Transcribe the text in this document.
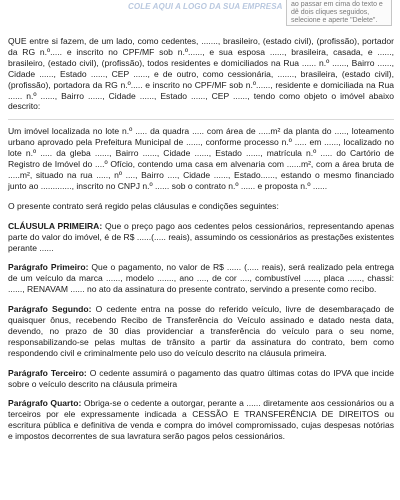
COLE AQUI A LOGO DA SUA EMPRESA	ao passar em cima do texto e dê dois cliques seguidos, selecione e aperte "Delete".

QUE entre si fazem, de um lado, como cedentes, ......., brasileiro, (estado civil), (profissão), portador da RG n.º..... e inscrito no CPF/MF sob n.º......, e sua esposa ......, brasileira, casada, e ......, brasileiro, (estado civil), (profissão), todos residentes e domiciliados na Rua ...... n.º ......, Bairro ......, Cidade ......, Estado ......, CEP ......, e de outro, como cessionária, ......., brasileira, (estado civil), (profissão), portadora da RG n.º..... e inscrito no CPF/MF sob n.º......, residente e domiciliada na Rua ...... n.º ......, Bairro ......, Cidade ......, Estado ......, CEP ......, tendo como objeto o imóvel abaixo descrito:

Um imóvel localizada no lote n.º ..... da quadra ..... com área de .....m² da planta do ....., loteamento urbano aprovado pela Prefeitura Municipal de ......, conforme processo n.º ..... em ......, localizado no lote n.º ..... da gleba ......, Bairro ......, Cidade ......, Estado ......, matrícula n.º ..... do Cartório de Registro de Imóvel do ....º Ofício, contendo uma casa em alvenaria com ......m², com a área bruta de .....m², situado na rua ....., nº ...., Bairro ...., Cidade ......, Estado......, estando o mesmo financiado junto ao ............., inscrito no CNPJ n.º ...... sob o contrato n.º ...... e proposta n.º ......

O presente contrato será regido pelas cláusulas e condições seguintes:

CLÁUSULA PRIMEIRA: Que o preço pago aos cedentes pelos cessionários, representando apenas parte do valor do imóvel, é de R$ ......(..... reais), assumindo os cessionários as prestações existentes perante ......

Parágrafo Primeiro: Que o pagamento, no valor de R$ ...... (..... reais), será realizado pela entrega de um veículo da marca ......, modelo ......., ano ...., de cor ...., combustível ......, placa ......, chassi: ......, RENAVAM ...... no ato da assinatura do presente contrato, servindo a presente como recibo.

Parágrafo Segundo: O cedente entra na posse do referido veículo, livre de desembaraçado de quaisquer ônus, recebendo Recibo de Transferência do Veículo assinado e datado nesta data, devendo, no prazo de 30 dias providenciar a transferência do veículo para o seu nome, responsabilizando-se pelas multas de trânsito a partir da assinatura do contrato, bem como respondendo civil e criminalmente pelo uso do veículo descrito na cláusula primeira.

Parágrafo Terceiro: O cedente assumirá o pagamento das quatro últimas cotas do IPVA que incide sobre o veículo descrito na cláusula primeira

Parágrafo Quarto: Obriga-se o cedente a outorgar, perante a ...... diretamente aos cessionários ou a terceiros por ele expressamente indicada a CESSÃO E TRANSFERÊNCIA DE DIREITOS ou escritura pública e definitiva de venda e compra do imóvel compromissado, cujas despesas notórias e impostos decorrentes de sua lavratura serão pagos pelos cessionários.
